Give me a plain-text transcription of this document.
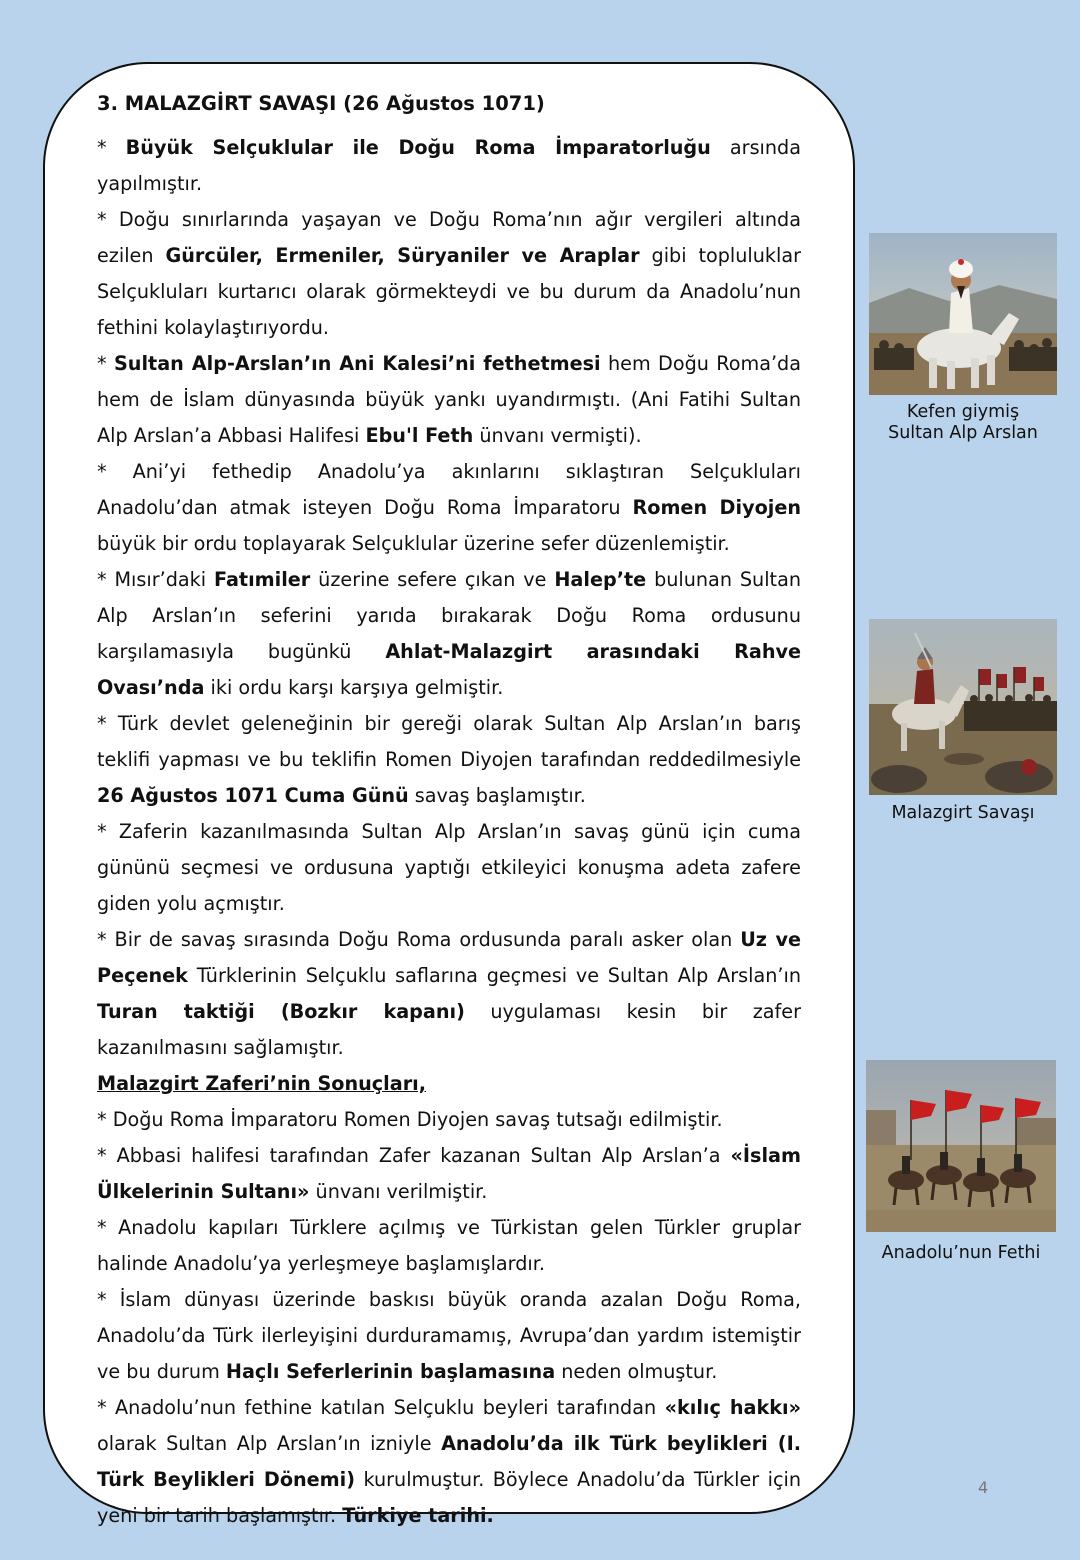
3. MALAZGİRT SAVAŞI (26 Ağustos 1071)
* Büyük Selçuklular ile Doğu Roma İmparatorluğu arsında yapılmıştır.
* Doğu sınırlarında yaşayan ve Doğu Roma’nın ağır vergileri altında ezilen Gürcüler, Ermeniler, Süryaniler ve Araplar gibi topluluklar Selçukluları kurtarıcı olarak görmekteydi ve bu durum da Anadolu’nun fethini kolaylaştırıyordu.
* Sultan Alp-Arslan’ın Ani Kalesi’ni fethetmesi hem Doğu Roma’da hem de İslam dünyasında büyük yankı uyandırmıştı. (Ani Fatihi Sultan Alp Arslan’a Abbasi Halifesi Ebu'l Feth ünvanı vermişti).
* Ani’yi fethedip Anadolu’ya akınlarını sıklaştıran Selçukluları Anadolu’dan atmak isteyen Doğu Roma İmparatoru Romen Diyojen büyük bir ordu toplayarak Selçuklular üzerine sefer düzenlemiştir.
* Mısır’daki Fatımiler üzerine sefere çıkan ve Halep’te bulunan Sultan Alp Arslan’ın seferini yarıda bırakarak Doğu Roma ordusunu karşılamasıyla bugünkü Ahlat-Malazgirt arasındaki Rahve Ovası’nda iki ordu karşı karşıya gelmiştir.
* Türk devlet geleneğinin bir gereği olarak Sultan Alp Arslan’ın barış teklifi yapması ve bu teklifin Romen Diyojen tarafından reddedilmesiyle 26 Ağustos 1071 Cuma Günü savaş başlamıştır.
* Zaferin kazanılmasında Sultan Alp Arslan’ın savaş günü için cuma gününü seçmesi ve ordusuna yaptığı etkileyici konuşma adeta zafere giden yolu açmıştır.
* Bir de savaş sırasında Doğu Roma ordusunda paralı asker olan Uz ve Peçenek Türklerinin Selçuklu saflarına geçmesi ve Sultan Alp Arslan’ın Turan taktiği (Bozkır kapanı) uygulaması kesin bir zafer kazanılmasını sağlamıştır.
Malazgirt Zaferi’nin Sonuçları,
* Doğu Roma İmparatoru Romen Diyojen savaş tutsağı edilmiştir.
* Abbasi halifesi tarafından Zafer kazanan Sultan Alp Arslan’a «İslam Ülkelerinin Sultanı» ünvanı verilmiştir.
* Anadolu kapıları Türklere açılmış ve Türkistan gelen Türkler gruplar halinde Anadolu’ya yerleşmeye başlamışlardır.
* İslam dünyası üzerinde baskısı büyük oranda azalan Doğu Roma, Anadolu’da Türk ilerleyişini durduramamış, Avrupa’dan yardım istemiştir ve bu durum Haçlı Seferlerinin başlamasına neden olmuştur.
* Anadolu’nun fethine katılan Selçuklu beyleri tarafından «kılıç hakkı» olarak Sultan Alp Arslan’ın izniyle Anadolu’da ilk Türk beylikleri (I. Türk Beylikleri Dönemi) kurulmuştur. Böylece Anadolu’da Türkler için yeni bir tarih başlamıştır. Türkiye tarihi.
Kefen giymiş
Sultan Alp Arslan
Malazgirt Savaşı
Anadolu’nun Fethi
4
